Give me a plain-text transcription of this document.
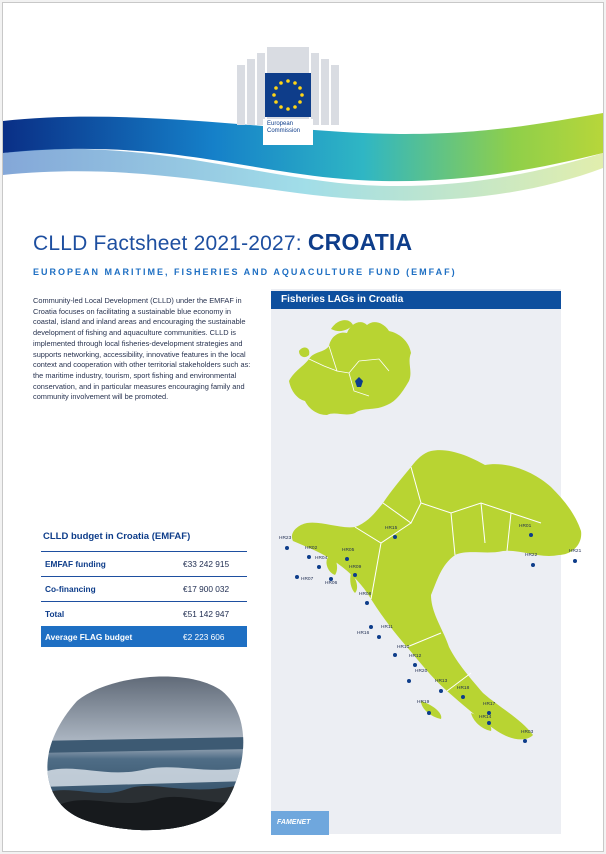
European
Commission
CLLD Factsheet 2021-2027: CROATIA
EUROPEAN MARITIME, FISHERIES AND AQUACULTURE FUND (EMFAF)
Community-led Local Development (CLLD) under the EMFAF in Croatia focuses on facilitating a sustainable blue economy in coastal, island and inland areas and encouraging the sustainable development of fishing and aquaculture communities. CLLD is implemented through local fisheries-development strategies and supports networking, accessibility, innovative features in the local context and cooperation with other territorial stakeholders such as: the maritime industry, tourism, sport fishing and environmental conservation, and in particular measures encouraging family and community involvement will be promoted.
CLLD budget in Croatia (EMFAF)
EMFAF funding	€33 242 915
Co-financing	€17 900 032
Total	€51 142 947
Average FLAG budget	€2 223 606
Fisheries LAGs in Croatia
HR23
HR02
HR04
HR05
HR07
HR06
HR09
HR15
HR08
HR16
HR11
HR10
HR12
HR20
HR13
HR18
HR19	HR17
HR14
HR03
HR01
HR22
HR21
FAMENET
